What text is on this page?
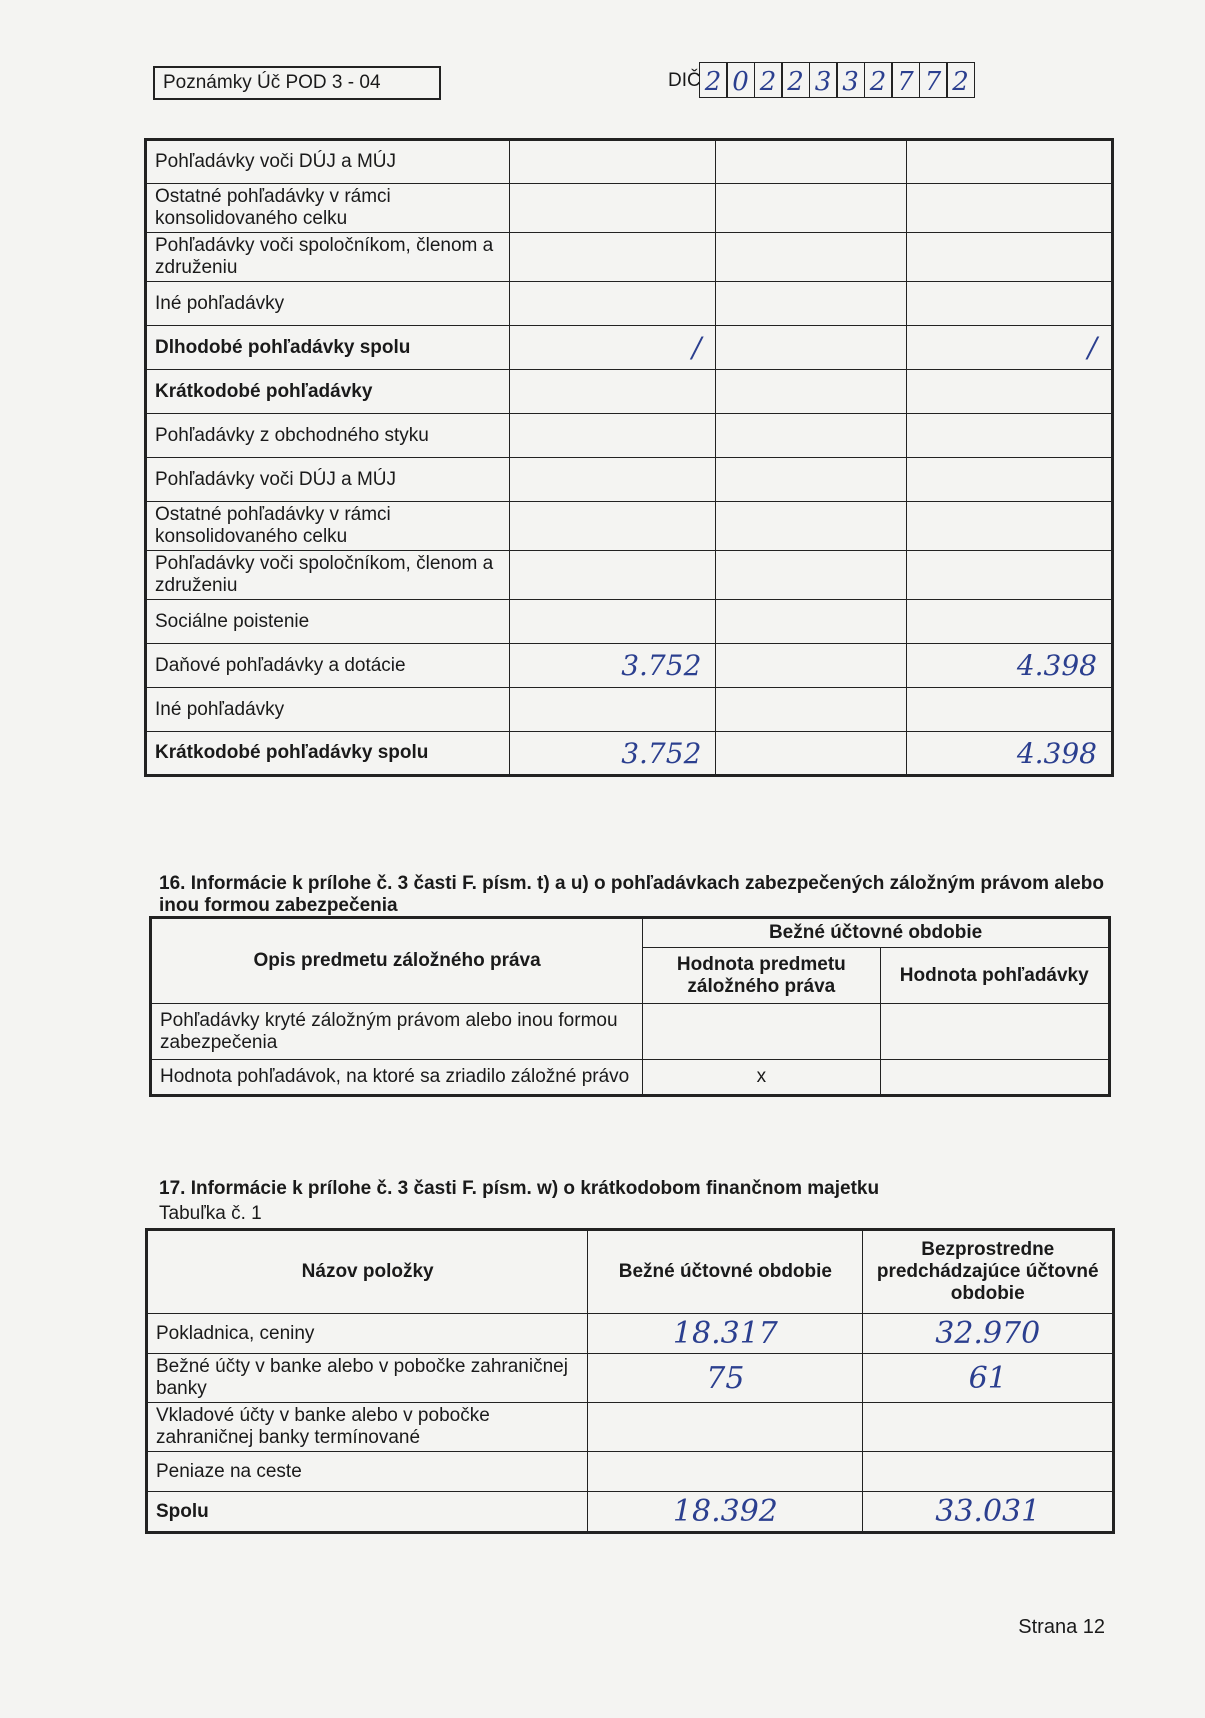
Poznámky Úč POD 3 - 04	DIČ 2 0 2 2 3 3 2 7 7 2
Pohľadávky voči DÚJ a MÚJ			
Ostatné pohľadávky v rámci konsolidovaného celku			
Pohľadávky voči spoločníkom, členom a združeniu			
Iné pohľadávky			
Dlhodobé pohľadávky spolu	/		/
Krátkodobé pohľadávky			
Pohľadávky z obchodného styku			
Pohľadávky voči DÚJ a MÚJ			
Ostatné pohľadávky v rámci konsolidovaného celku			
Pohľadávky voči spoločníkom, členom a združeniu			
Sociálne poistenie			
Daňové pohľadávky a dotácie	3.752		4.398
Iné pohľadávky			
Krátkodobé pohľadávky spolu	3.752		4.398
16. Informácie k prílohe č. 3 časti F. písm. t) a u) o pohľadávkach zabezpečených záložným právom alebo inou formou zabezpečenia
Opis predmetu záložného práva	Bežné účtovné obdobie	
	Hodnota predmetu záložného práva	Hodnota pohľadávky
Pohľadávky kryté záložným právom alebo inou formou zabezpečenia		
Hodnota pohľadávok, na ktoré sa zriadilo záložné právo	x	
17. Informácie k prílohe č. 3 časti F. písm. w) o krátkodobom finančnom majetku
Tabuľka č. 1
Názov položky	Bežné účtovné obdobie	Bezprostredne predchádzajúce účtovné obdobie
Pokladnica, ceniny	18.317	32.970
Bežné účty v banke alebo v pobočke zahraničnej banky	75	61
Vkladové účty v banke alebo v pobočke zahraničnej banky termínované		
Peniaze na ceste		
Spolu	18.392	33.031
Strana 12
